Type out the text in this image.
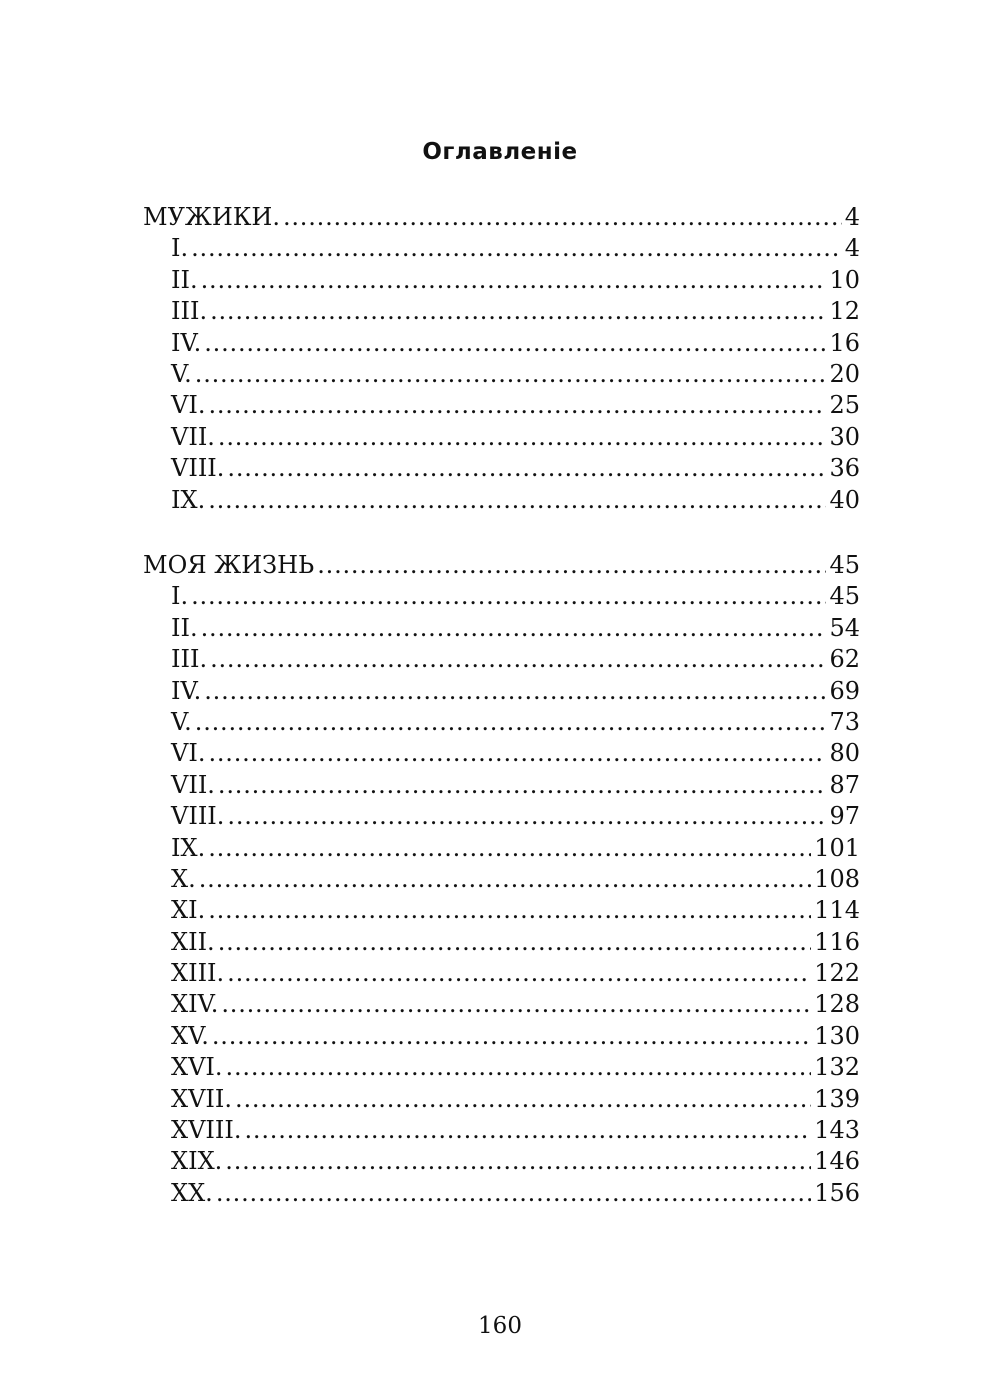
Оглавленіе
МУЖИКИ. .....	4
I. .....	4
II. .....	10
III. .....	12
IV. .....	16
V. .....	20
VI. .....	25
VII. .....	30
VIII. .....	36
IX. .....	40
МОЯ ЖИЗНЬ .....	45
I. .....	45
II. .....	54
III. .....	62
IV. .....	69
V. .....	73
VI. .....	80
VII. .....	87
VIII. .....	97
IX. .....	101
X. .....	108
XI. .....	114
XII. .....	116
XIII. .....	122
XIV. .....	128
XV. .....	130
XVI. .....	132
XVII. .....	139
XVIII. .....	143
XIX. .....	146
XX. .....	156
160
